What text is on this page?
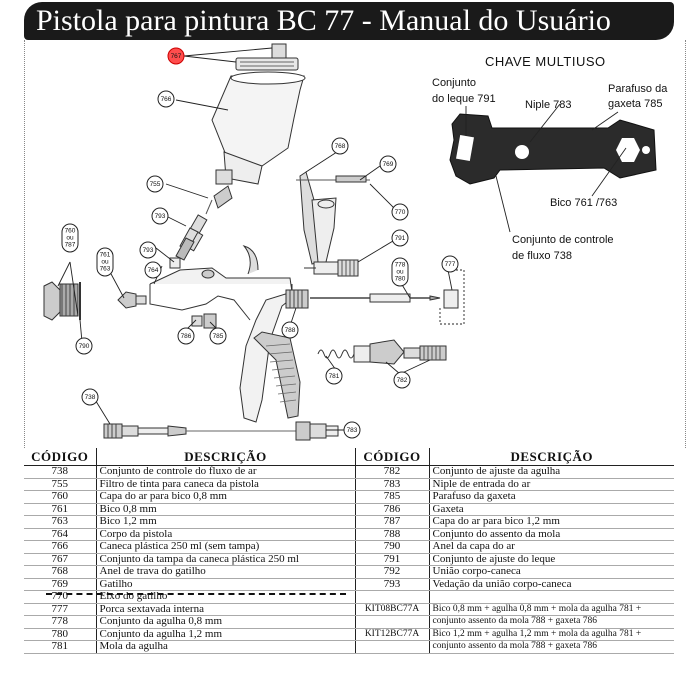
Pistola para pintura BC 77 - Manual do Usuário
CHAVE MULTIUSO
Conjunto
do leque 791	Niple 783
Parafuso da
gaxeta 785
Bico 761 /763
Conjunto de controle
de fluxo 738
767
766
755
793
793
764
761
ou
763
760
ou
787
790
786	785
788
781
782
738
783
768
769
770
791
778
ou
780
777
CÓDIGO	DESCRIÇÃO	CÓDIGO	DESCRIÇÃO
738	Conjunto de controle do fluxo de ar	782	Conjunto de ajuste da agulha
755	Filtro de tinta para caneca da pistola	783	Niple de entrada do ar
760	Capa do ar para bico 0,8 mm	785	Parafuso da gaxeta
761	Bico 0,8 mm	786	Gaxeta
763	Bico 1,2 mm	787	Capa do ar para bico 1,2 mm
764	Corpo da pistola	788	Conjunto do assento da mola
766	Caneca plástica 250 ml (sem tampa)	790	Anel da capa do ar
767	Conjunto da tampa da caneca plástica 250 ml	791	Conjunto de ajuste do leque
768	Anel de trava do gatilho	792	União corpo-caneca
769	Gatilho	793	Vedação da união corpo-caneca
770	Eixo do gatilho		
777	Porca sextavada interna	KIT08BC77A	Bico 0,8 mm + agulha 0,8 mm + mola da agulha 781 +
778	Conjunto da agulha 0,8 mm		conjunto assento da mola 788 + gaxeta 786
780	Conjunto da agulha 1,2 mm	KIT12BC77A	Bico 1,2 mm + agulha 1,2 mm + mola da agulha 781 +
781	Mola da agulha		conjunto assento da mola 788 + gaxeta 786
